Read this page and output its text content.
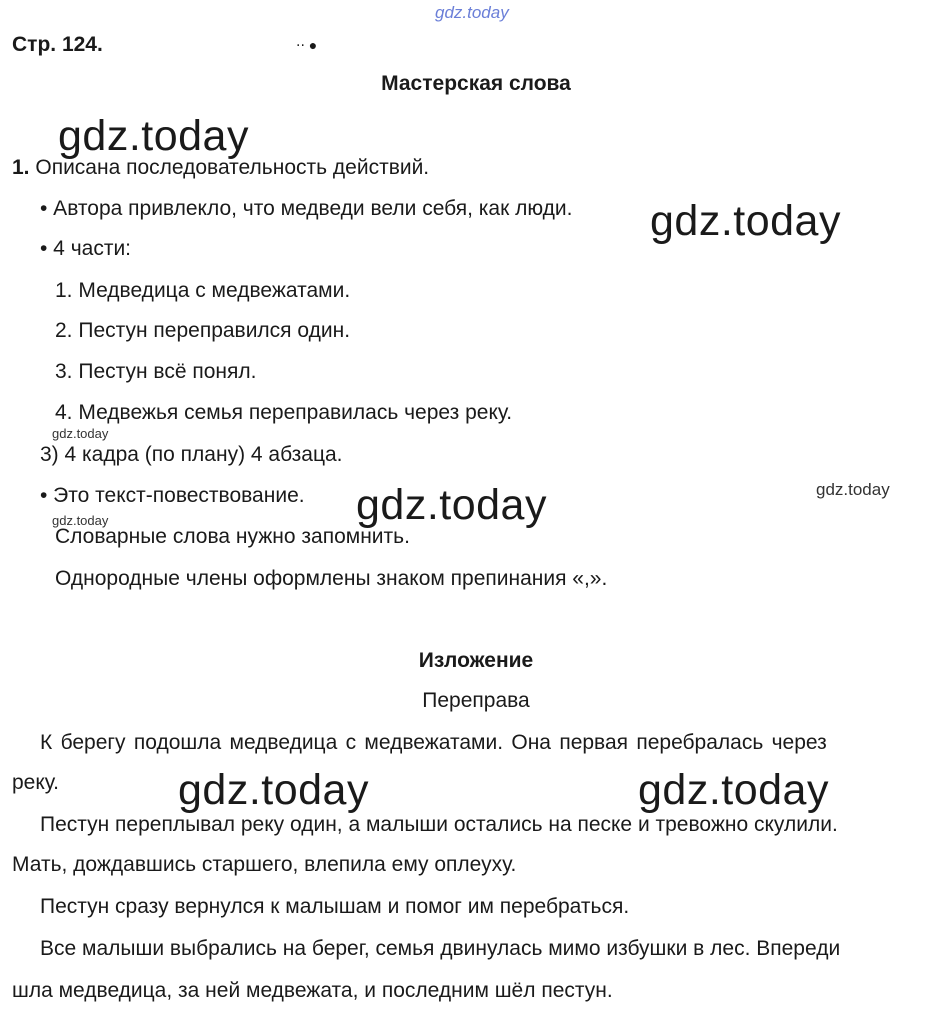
gdz.today
Стр. 124.	⋅⋅ ●
Мастерская слова
gdz.today
1. Описана последовательность действий.
• Автора привлекло, что медведи вели себя, как люди. gdz.today
• 4 части:
1. Медведица с медвежатами.
2. Пестун переправился один.
3. Пестун всё понял.
4. Медвежья семья переправилась через реку.
gdz.today
3) 4 кадра (по плану) 4 абзаца.
• Это текст-повествование. gdz.today	gdz.today
gdz.today
Словарные слова нужно запомнить.
Однородные члены оформлены знаком препинания «,».
Изложение
Переправа
К берегу подошла медведица с медвежатами. Она первая перебралась через
реку.	gdz.today	gdz.today
Пестун переплывал реку один, а малыши остались на песке и тревожно скулили.
Мать, дождавшись старшего, влепила ему оплеуху.
Пестун сразу вернулся к малышам и помог им перебраться.
Все малыши выбрались на берег, семья двинулась мимо избушки в лес. Впереди
шла медведица, за ней медвежата, и последним шёл пестун.
